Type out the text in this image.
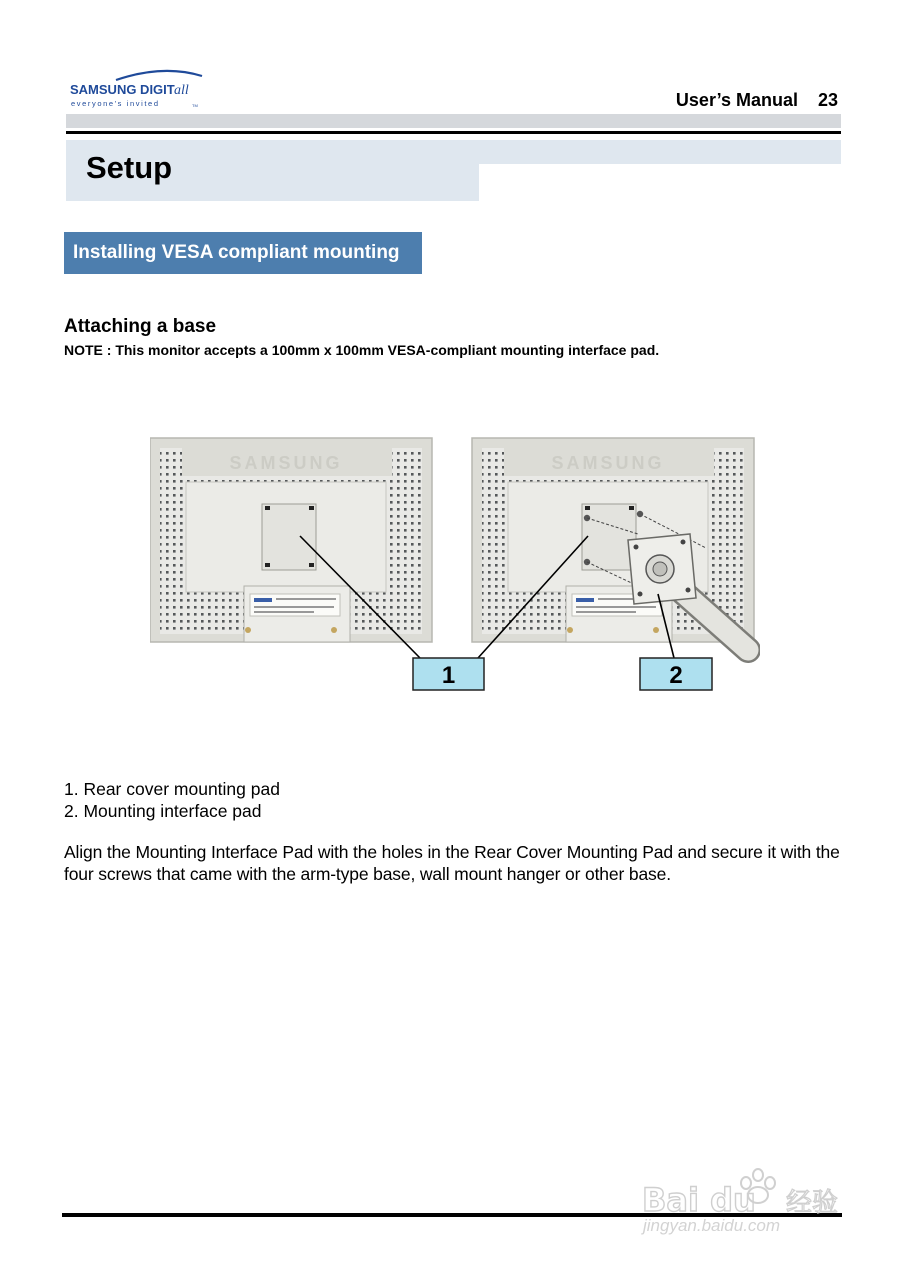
SAMSUNG DIGIT all
everyone's invited	TM	User’s Manual 23
Setup
Installing VESA compliant mounting
Attaching a base
NOTE : This monitor accepts a 100mm x 100mm VESA-compliant mounting interface pad.
SAMSUNG	SAMSUNG
1	2
1. Rear cover mounting pad
2. Mounting interface pad
Align the Mounting Interface Pad with the holes in the Rear Cover Mounting Pad and secure it with the four screws that came with the arm-type base, wall mount hanger or other base.
Bai du 经验
jingyan.baidu.com
